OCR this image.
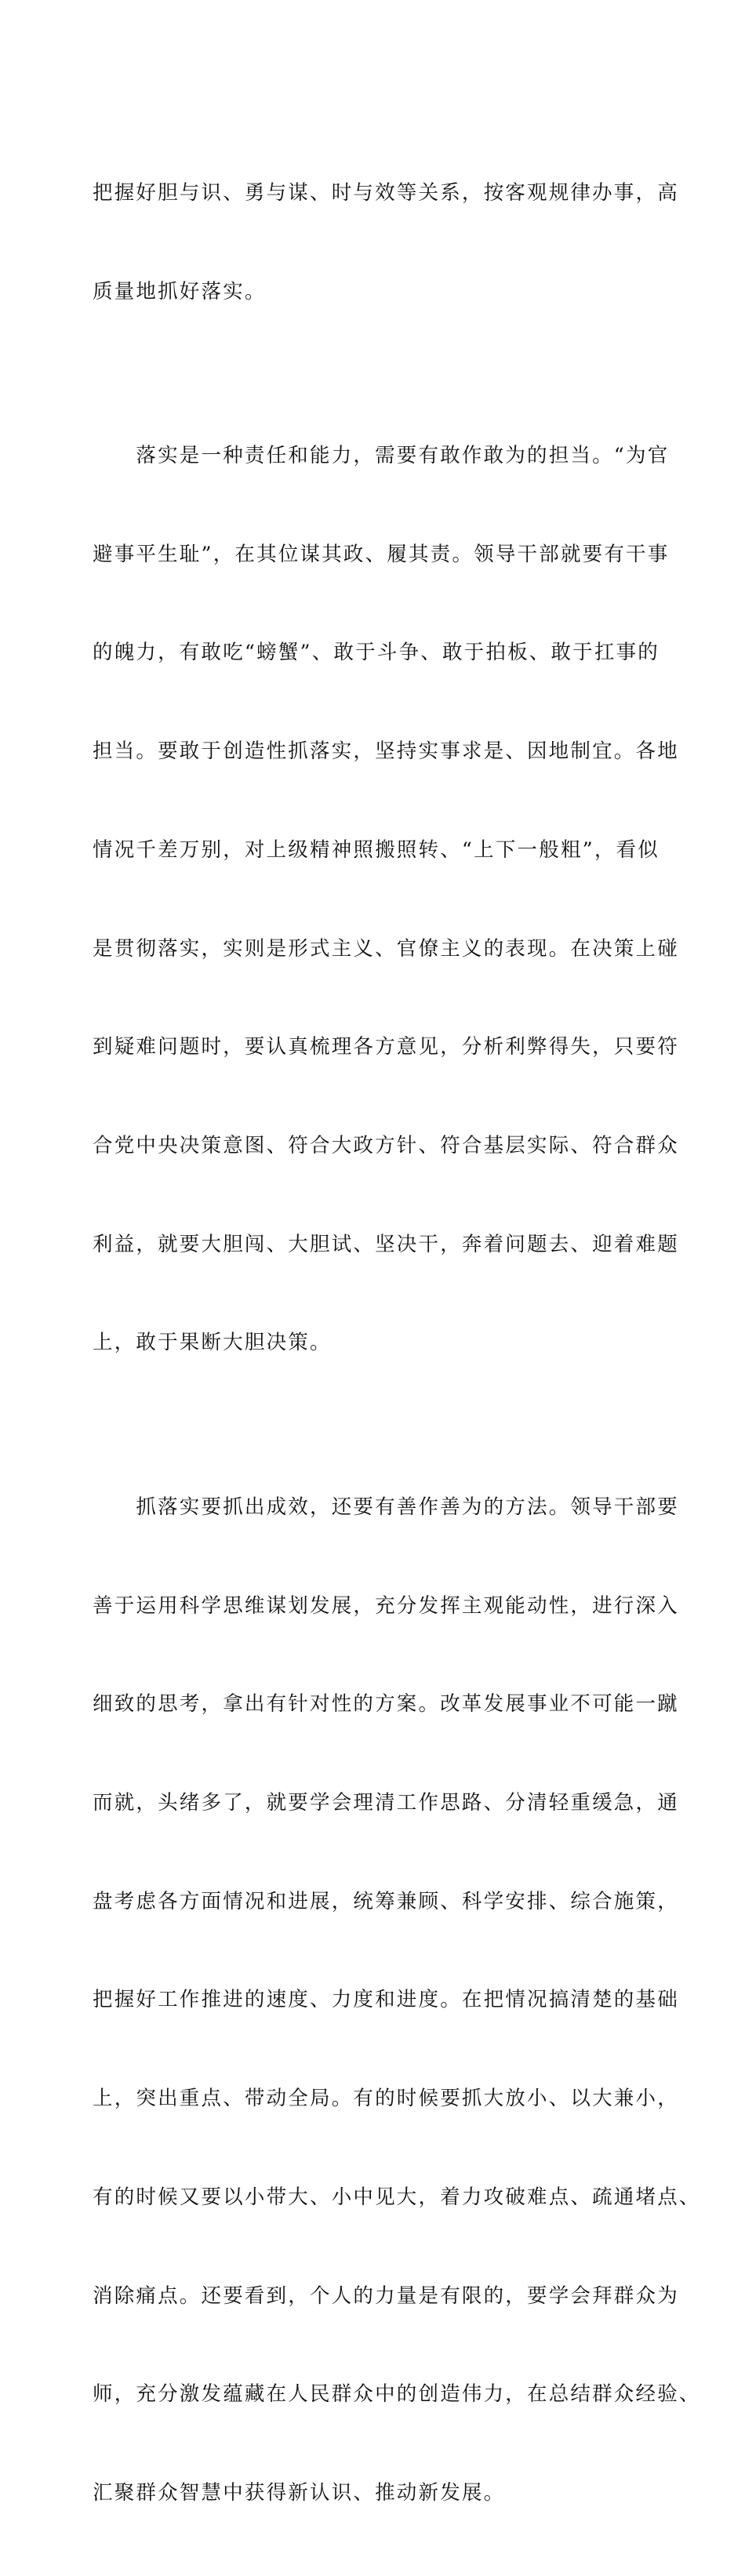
把握好胆与识、勇与谋、时与效等关系，按客观规律办事，高

质量地抓好落实。

　　落实是一种责任和能力，需要有敢作敢为的担当。“为官

避事平生耻”，在其位谋其政、履其责。领导干部就要有干事

的魄力，有敢吃“螃蟹”、敢于斗争、敢于拍板、敢于扛事的

担当。要敢于创造性抓落实，坚持实事求是、因地制宜。各地

情况千差万别，对上级精神照搬照转、“上下一般粗”，看似

是贯彻落实，实则是形式主义、官僚主义的表现。在决策上碰

到疑难问题时，要认真梳理各方意见，分析利弊得失，只要符

合党中央决策意图、符合大政方针、符合基层实际、符合群众

利益，就要大胆闯、大胆试、坚决干，奔着问题去、迎着难题

上，敢于果断大胆决策。

　　抓落实要抓出成效，还要有善作善为的方法。领导干部要

善于运用科学思维谋划发展，充分发挥主观能动性，进行深入

细致的思考，拿出有针对性的方案。改革发展事业不可能一蹴

而就，头绪多了，就要学会理清工作思路、分清轻重缓急，通

盘考虑各方面情况和进展，统筹兼顾、科学安排、综合施策，

把握好工作推进的速度、力度和进度。在把情况搞清楚的基础

上，突出重点、带动全局。有的时候要抓大放小、以大兼小，

有的时候又要以小带大、小中见大，着力攻破难点、疏通堵点、

消除痛点。还要看到，个人的力量是有限的，要学会拜群众为

师，充分激发蕴藏在人民群众中的创造伟力，在总结群众经验、

汇聚群众智慧中获得新认识、推动新发展。
